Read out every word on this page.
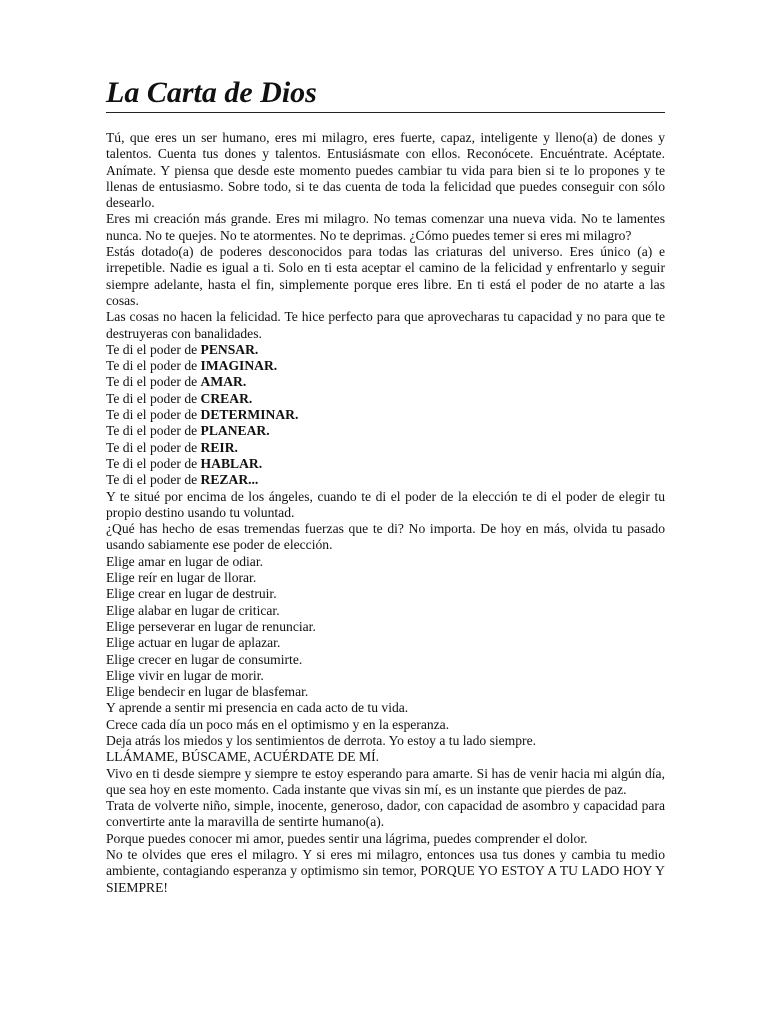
La Carta de Dios

Tú, que eres un ser humano, eres mi milagro, eres fuerte, capaz, inteligente y lleno(a) de dones y talentos. Cuenta tus dones y talentos. Entusiásmate con ellos. Reconócete. Encuéntrate. Acéptate. Anímate. Y piensa que desde este momento puedes cambiar tu vida para bien si te lo propones y te llenas de entusiasmo. Sobre todo, si te das cuenta de toda la felicidad que puedes conseguir con sólo desearlo.

Eres mi creación más grande. Eres mi milagro. No temas comenzar una nueva vida. No te lamentes nunca. No te quejes. No te atormentes. No te deprimas. ¿Cómo puedes temer si eres mi milagro?

Estás dotado(a) de poderes desconocidos para todas las criaturas del universo. Eres único (a) e irrepetible. Nadie es igual a ti. Solo en ti esta aceptar el camino de la felicidad y enfrentarlo y seguir siempre adelante, hasta el fin, simplemente porque eres libre. En ti está el poder de no atarte a las cosas.

Las cosas no hacen la felicidad. Te hice perfecto para que aprovecharas tu capacidad y no para que te destruyeras con banalidades.

Te di el poder de PENSAR.

Te di el poder de IMAGINAR.

Te di el poder de AMAR.

Te di el poder de CREAR.

Te di el poder de DETERMINAR.

Te di el poder de PLANEAR.

Te di el poder de REIR.

Te di el poder de HABLAR.

Te di el poder de REZAR...

Y te situé por encima de los ángeles, cuando te di el poder de la elección te di el poder de elegir tu propio destino usando tu voluntad.

¿Qué has hecho de esas tremendas fuerzas que te di? No importa. De hoy en más, olvida tu pasado usando sabiamente ese poder de elección.

Elige amar en lugar de odiar.

Elige reír en lugar de llorar.

Elige crear en lugar de destruir.

Elige alabar en lugar de criticar.

Elige perseverar en lugar de renunciar.

Elige actuar en lugar de aplazar.

Elige crecer en lugar de consumirte.

Elige vivir en lugar de morir.

Elige bendecir en lugar de blasfemar.

Y aprende a sentir mi presencia en cada acto de tu vida.

Crece cada día un poco más en el optimismo y en la esperanza.

Deja atrás los miedos y los sentimientos de derrota. Yo estoy a tu lado siempre.

LLÁMAME, BÚSCAME, ACUÉRDATE DE MÍ.

Vivo en ti desde siempre y siempre te estoy esperando para amarte. Si has de venir hacia mi algún día, que sea hoy en este momento. Cada instante que vivas sin mí, es un instante que pierdes de paz.

Trata de volverte niño, simple, inocente, generoso, dador, con capacidad de asombro y capacidad para convertirte ante la maravilla de sentirte humano(a).

Porque puedes conocer mi amor, puedes sentir una lágrima, puedes comprender el dolor.

No te olvides que eres el milagro. Y si eres mi milagro, entonces usa tus dones y cambia tu medio ambiente, contagiando esperanza y optimismo sin temor, PORQUE YO ESTOY A TU LADO HOY Y SIEMPRE!
